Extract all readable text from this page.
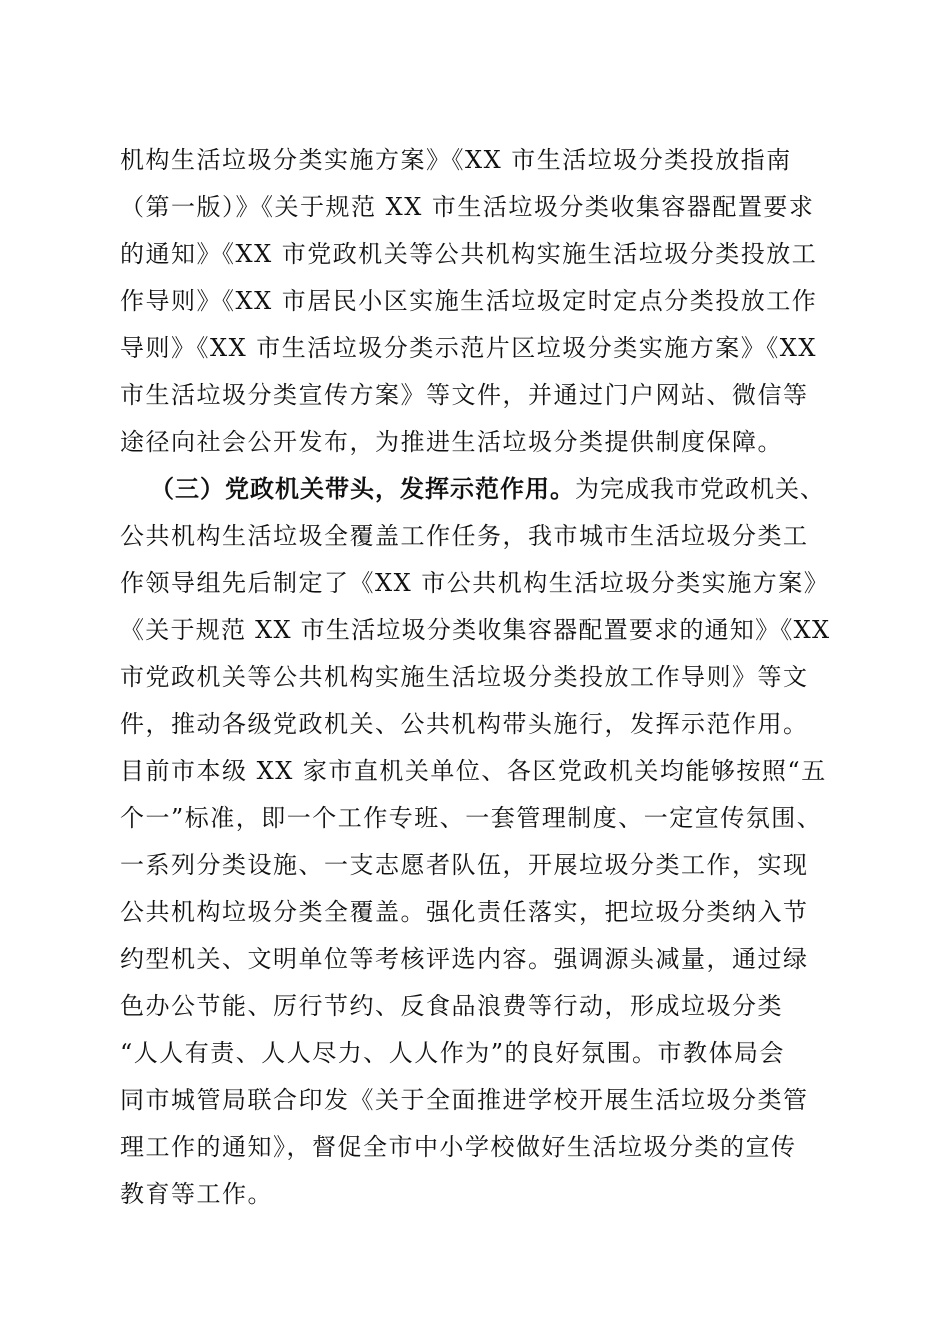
机构生活垃圾分类实施方案》《XX 市生活垃圾分类投放指南
（第一版）》《关于规范 XX 市生活垃圾分类收集容器配置要求
的通知》《XX 市党政机关等公共机构实施生活垃圾分类投放工
作导则》《XX 市居民小区实施生活垃圾定时定点分类投放工作
导则》《XX 市生活垃圾分类示范片区垃圾分类实施方案》《XX
市生活垃圾分类宣传方案》等文件，并通过门户网站、微信等
途径向社会公开发布，为推进生活垃圾分类提供制度保障。
（三）党政机关带头，发挥示范作用。为完成我市党政机关、
公共机构生活垃圾全覆盖工作任务，我市城市生活垃圾分类工
作领导组先后制定了《XX 市公共机构生活垃圾分类实施方案》
《关于规范 XX 市生活垃圾分类收集容器配置要求的通知》《XX
市党政机关等公共机构实施生活垃圾分类投放工作导则》等文
件，推动各级党政机关、公共机构带头施行，发挥示范作用。
目前市本级 XX 家市直机关单位、各区党政机关均能够按照“五
个一”标准，即一个工作专班、一套管理制度、一定宣传氛围、
一系列分类设施、一支志愿者队伍，开展垃圾分类工作，实现
公共机构垃圾分类全覆盖。强化责任落实，把垃圾分类纳入节
约型机关、文明单位等考核评选内容。强调源头减量，通过绿
色办公节能、厉行节约、反食品浪费等行动，形成垃圾分类
“人人有责、人人尽力、人人作为”的良好氛围。市教体局会
同市城管局联合印发《关于全面推进学校开展生活垃圾分类管
理工作的通知》，督促全市中小学校做好生活垃圾分类的宣传
教育等工作。
